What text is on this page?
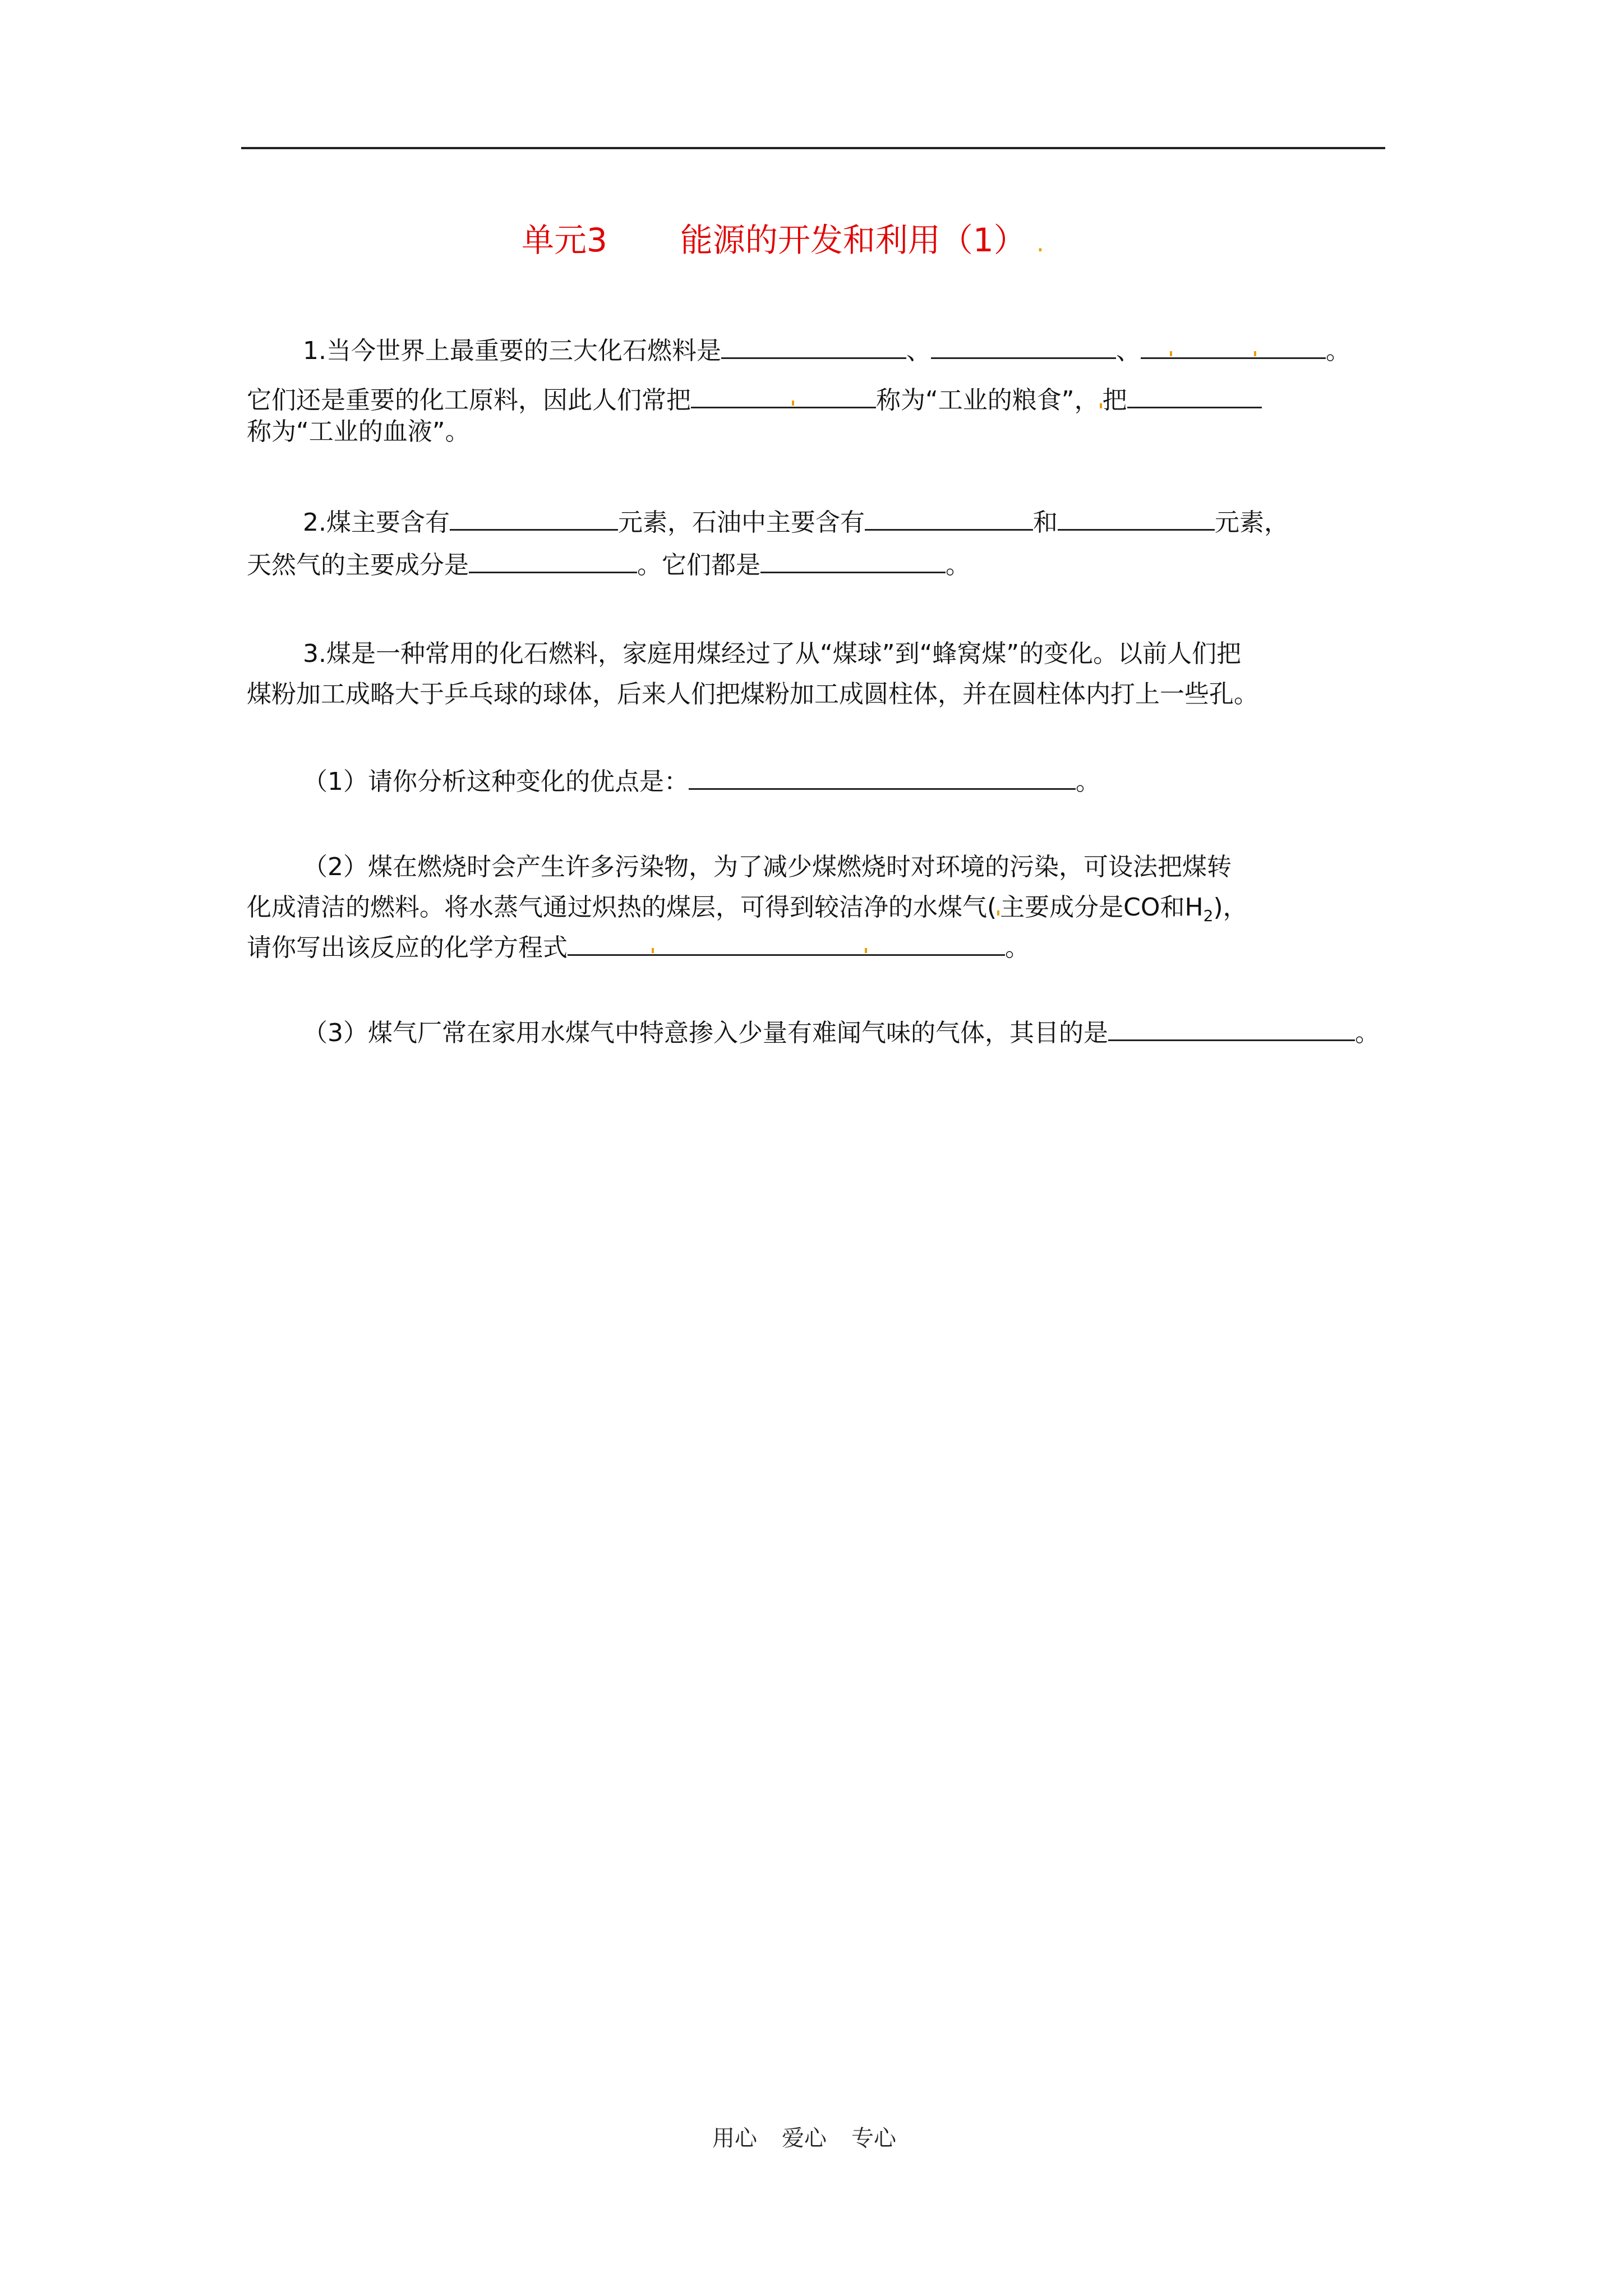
单元3 能源的开发和利用（1） .
1.当今世界上最重要的三大化石燃料是	、	、	。
它们还是重要的化工原料，因此人们常把	称为“工业的粮食”， 把
称为“工业的血液”。
2.煤主要含有	元素，石油中主要含有	和	元素，
天然气的主要成分是	。它们都是	。
3.煤是一种常用的化石燃料，家庭用煤经过了从“煤球”到“蜂窝煤”的变化。以前人们把
煤粉加工成略大于乒乓球的球体，后来人们把煤粉加工成圆柱体，并在圆柱体内打上一些孔。
（1）请你分析这种变化的优点是：	。
（2）煤在燃烧时会产生许多污染物，为了减少煤燃烧时对环境的污染，可设法把煤转
化成清洁的燃料。将水蒸气通过炽热的煤层，可得到较洁净的水煤气( 主要成分是CO和$H_2$)，
请你写出该反应的化学方程式	。
（3）煤气厂常在家用水煤气中特意掺入少量有难闻气味的气体，其目的是	。
用心 爱心 专心
